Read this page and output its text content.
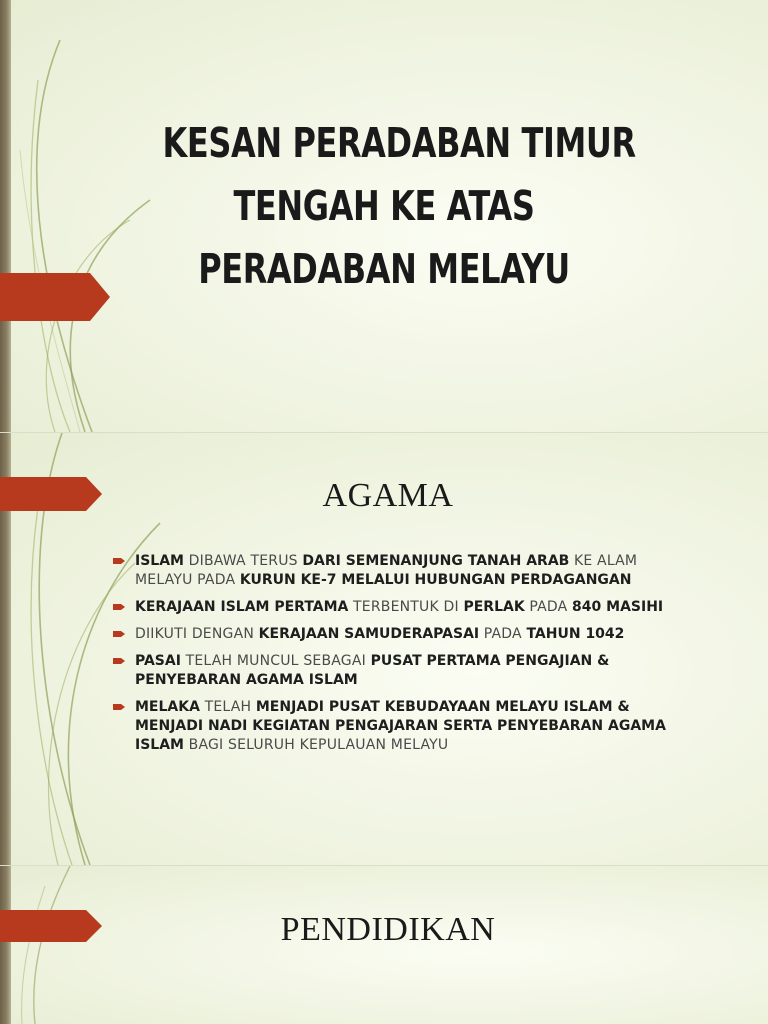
KESAN PERADABAN TIMUR
TENGAH KE ATAS
PERADABAN MELAYU
AGAMA
ISLAM DIBAWA TERUS DARI SEMENANJUNG TANAH ARAB KE ALAM MELAYU PADA KURUN KE-7 MELALUI HUBUNGAN PERDAGANGAN
KERAJAAN ISLAM PERTAMA TERBENTUK DI PERLAK PADA 840 MASIHI
DIIKUTI DENGAN KERAJAAN SAMUDERAPASAI PADA TAHUN 1042
PASAI TELAH MUNCUL SEBAGAI PUSAT PERTAMA PENGAJIAN & PENYEBARAN AGAMA ISLAM
MELAKA TELAH MENJADI PUSAT KEBUDAYAAN MELAYU ISLAM & MENJADI NADI KEGIATAN PENGAJARAN SERTA PENYEBARAN AGAMA ISLAM BAGI SELURUH KEPULAUAN MELAYU
PENDIDIKAN
